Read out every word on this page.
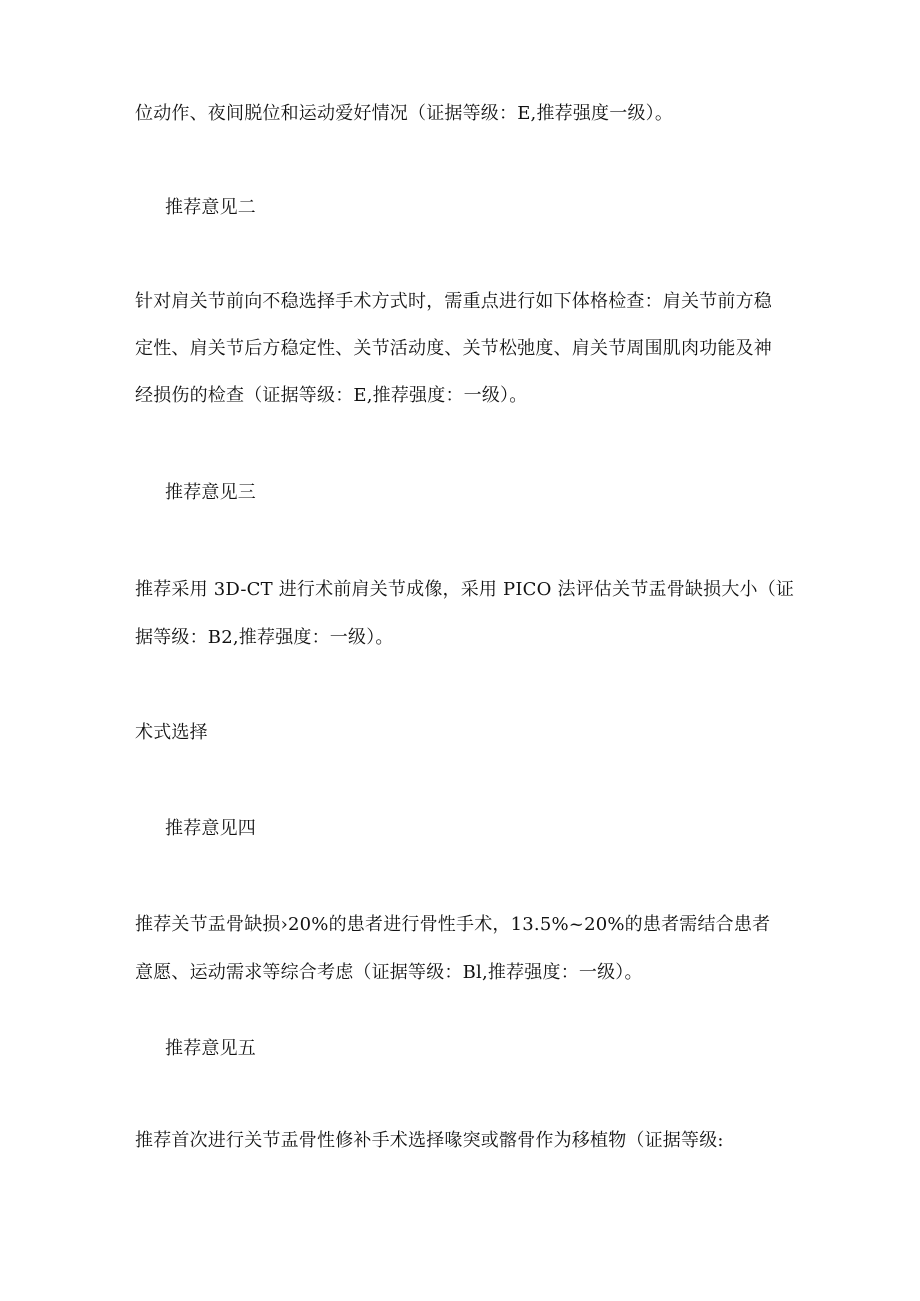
位动作、夜间脱位和运动爱好情况（证据等级：E,推荐强度一级）。
推荐意见二
针对肩关节前向不稳选择手术方式时，需重点进行如下体格检查：肩关节前方稳
定性、肩关节后方稳定性、关节活动度、关节松弛度、肩关节周围肌肉功能及神
经损伤的检查（证据等级：E,推荐强度：一级）。
推荐意见三
推荐采用 3D-CT 进行术前肩关节成像，采用 PICO 法评估关节盂骨缺损大小（证
据等级：B2,推荐强度：一级）。
术式选择
推荐意见四
推荐关节盂骨缺损›20%的患者进行骨性手术，13.5%~20%的患者需结合患者
意愿、运动需求等综合考虑（证据等级：Bl,推荐强度：一级）。
推荐意见五
推荐首次进行关节盂骨性修补手术选择喙突或髂骨作为移植物（证据等级:
